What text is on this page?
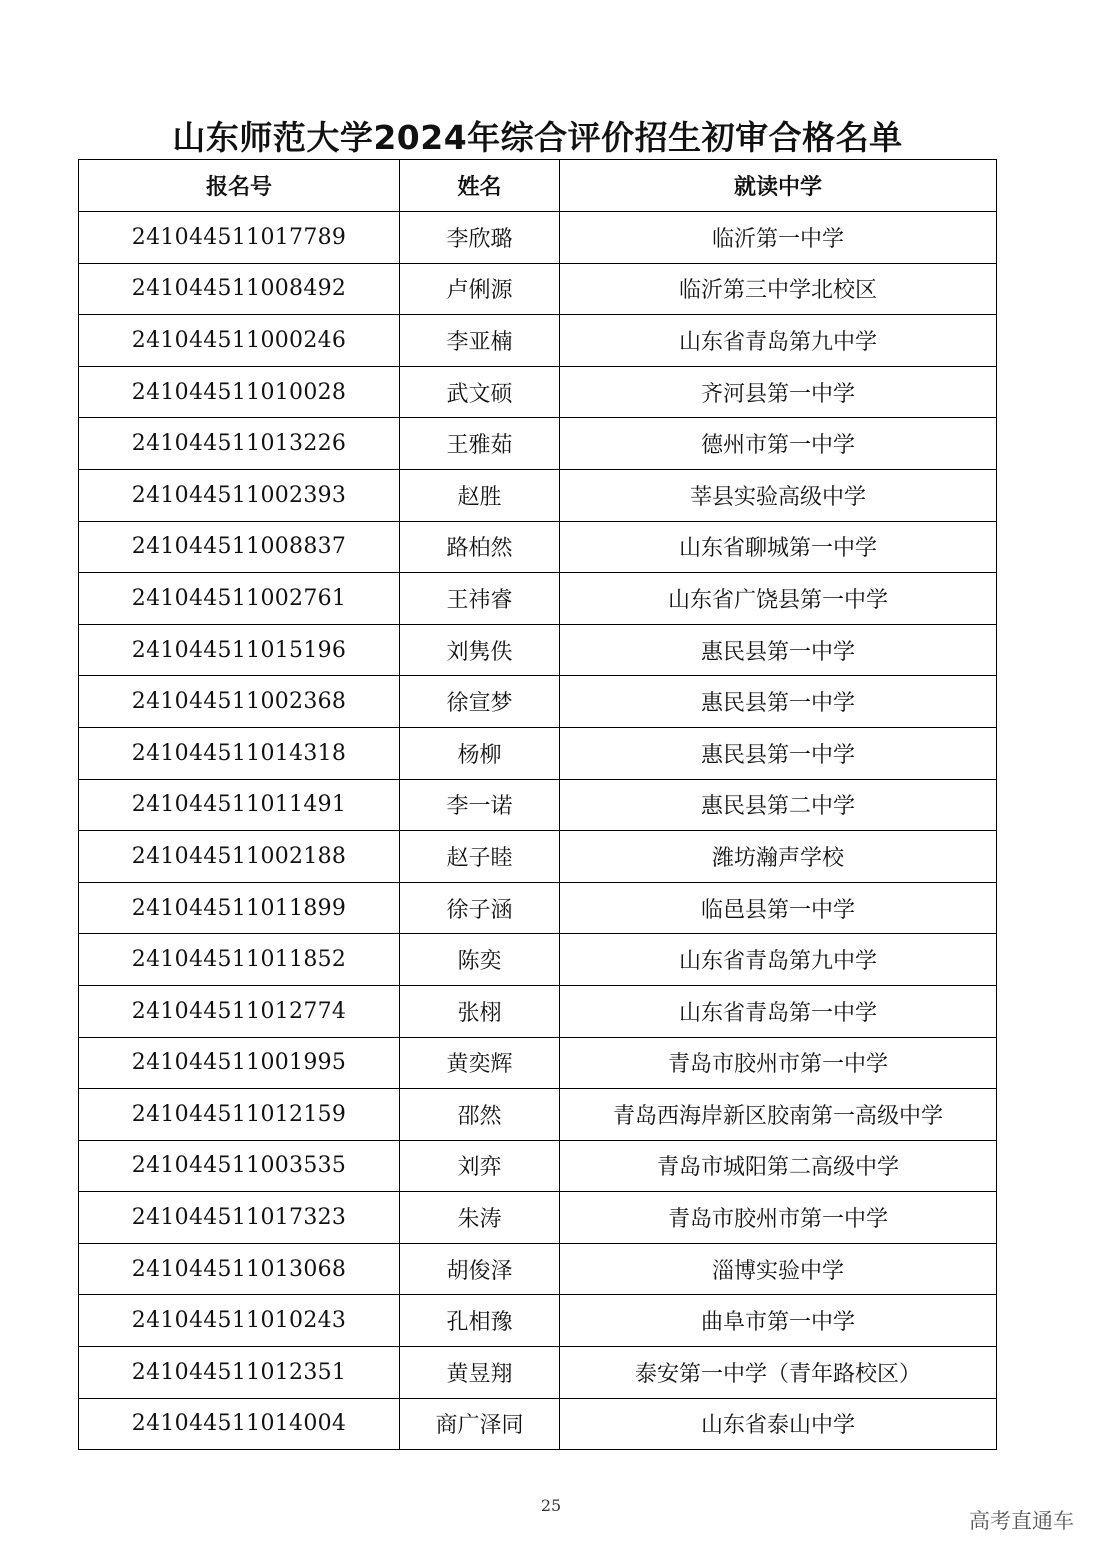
山东师范大学2024年综合评价招生初审合格名单
报名号	姓名	就读中学
241044511017789	李欣璐	临沂第一中学
241044511008492	卢俐源	临沂第三中学北校区
241044511000246	李亚楠	山东省青岛第九中学
241044511010028	武文硕	齐河县第一中学
241044511013226	王雅茹	德州市第一中学
241044511002393	赵胜	莘县实验高级中学
241044511008837	路柏然	山东省聊城第一中学
241044511002761	王祎睿	山东省广饶县第一中学
241044511015196	刘隽佚	惠民县第一中学
241044511002368	徐宣梦	惠民县第一中学
241044511014318	杨柳	惠民县第一中学
241044511011491	李一诺	惠民县第二中学
241044511002188	赵子睦	潍坊瀚声学校
241044511011899	徐子涵	临邑县第一中学
241044511011852	陈奕	山东省青岛第九中学
241044511012774	张栩	山东省青岛第一中学
241044511001995	黄奕辉	青岛市胶州市第一中学
241044511012159	邵然	青岛西海岸新区胶南第一高级中学
241044511003535	刘弈	青岛市城阳第二高级中学
241044511017323	朱涛	青岛市胶州市第一中学
241044511013068	胡俊泽	淄博实验中学
241044511010243	孔相豫	曲阜市第一中学
241044511012351	黄昱翔	泰安第一中学（青年路校区）
241044511014004	商广泽同	山东省泰山中学
25
高考直通车
